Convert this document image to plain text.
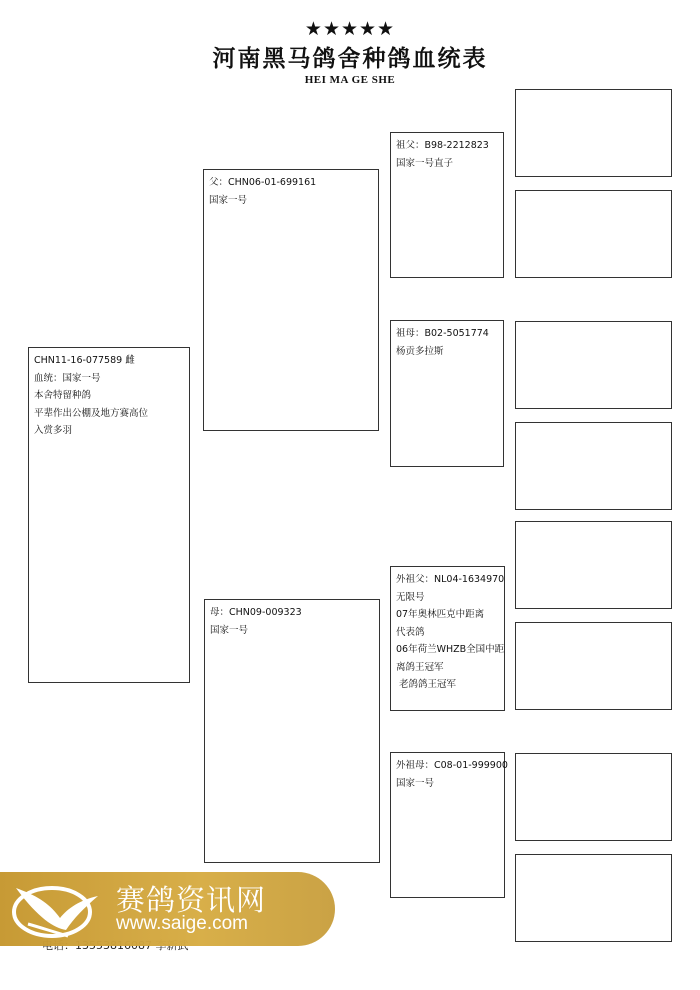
★★★★★
河南黑马鸽舍种鸽血统表
HEI MA GE SHE
CHN11-16-077589 雌
血统：国家一号
本舍特留种鸽
平辈作出公棚及地方赛高位
入赏多羽
父：CHN06-01-699161
国家一号
母：CHN09-009323
国家一号
祖父：B98-2212823
国家一号直子
祖母：B02-5051774
杨贡多拉斯
外祖父：NL04-1634970
无限号
07年奥林匹克中距离
代表鸽
06年荷兰WHZB全国中距
离鸽王冠军
老鸽鸽王冠军
外祖母：C08-01-999900
国家一号
赛鸽资讯网
www.saige.com
